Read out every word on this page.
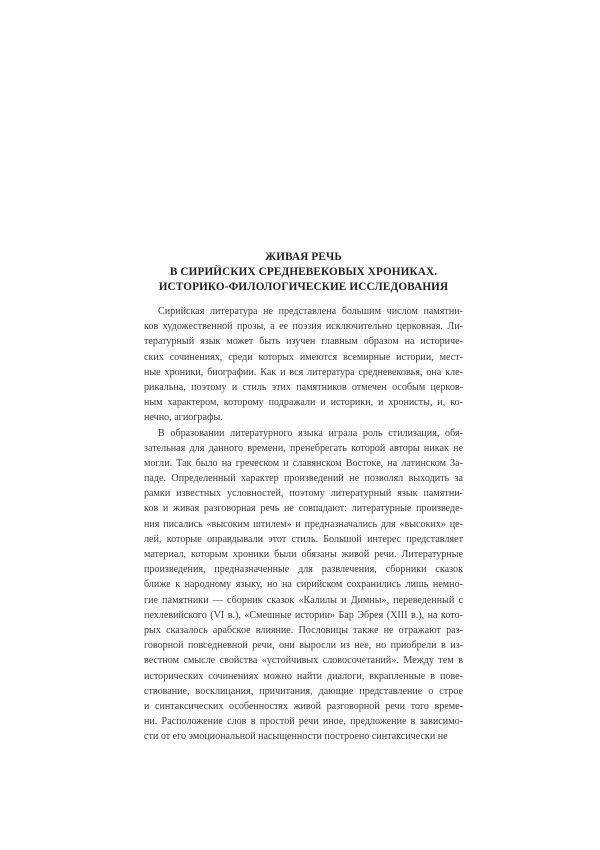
ЖИВАЯ РЕЧЬ
В СИРИЙСКИХ СРЕДНЕВЕКОВЫХ ХРОНИКАХ.
ИСТОРИКО-ФИЛОЛОГИЧЕСКИЕ ИССЛЕДОВАНИЯ
Сирийская литература не представлена большим числом памятни-
ков художественной прозы, а ее поэзия исключительно церковная. Ли-
тературный язык может быть изучен главным образом на историче-
ских сочинениях, среди которых имеются всемирные истории, мест-
ные хроники, биографии. Как и вся литература средневековья, она кле-
рикальна, поэтому и стиль этих памятников отмечен особым церков-
ным характером, которому подражали и историки, и хронисты, и, ко-
нечно, агиографы.
В образовании литературного языка играла роль стилизация, обя-
зательная для данного времени, пренебрегать которой авторы никак не
могли. Так было на греческом и славянском Востоке, на латинском За-
паде. Определенный характер произведений не позволял выходить за
рамки известных условностей, поэтому литературный язык памятни-
ков и живая разговорная речь не совпадают: литературные произведе-
ния писались «высоким штилем» и предназначались для «высоких» це-
лей, которые оправдывали этот стиль. Большой интерес представляет
материал, которым хроники были обязаны живой речи. Литературные
произведения, предназначенные для развлечения, сборники сказок
ближе к народному языку, но на сирийском сохранились лишь немно-
гие памятники — сборник сказок «Калилы и Димны», переведенный с
пехлевийского (VI в.), «Смешные истории» Бар Эбрея (XIII в.), на кото-
рых сказалось арабское влияние. Пословицы также не отражают раз-
говорной повседневной речи, они выросли из нее, но приобрели в из-
вестном смысле свойства «устойчивых словосочетаний». Между тем в
исторических сочинениях можно найти диалоги, вкрапленные в пове-
ствование, восклицания, причитания, дающие представление о строе
и синтаксических особенностях живой разговорной речи того време-
ни. Расположение слов в простой речи иное, предложение в зависимо-
сти от его эмоциональной насыщенности построено синтаксически не
